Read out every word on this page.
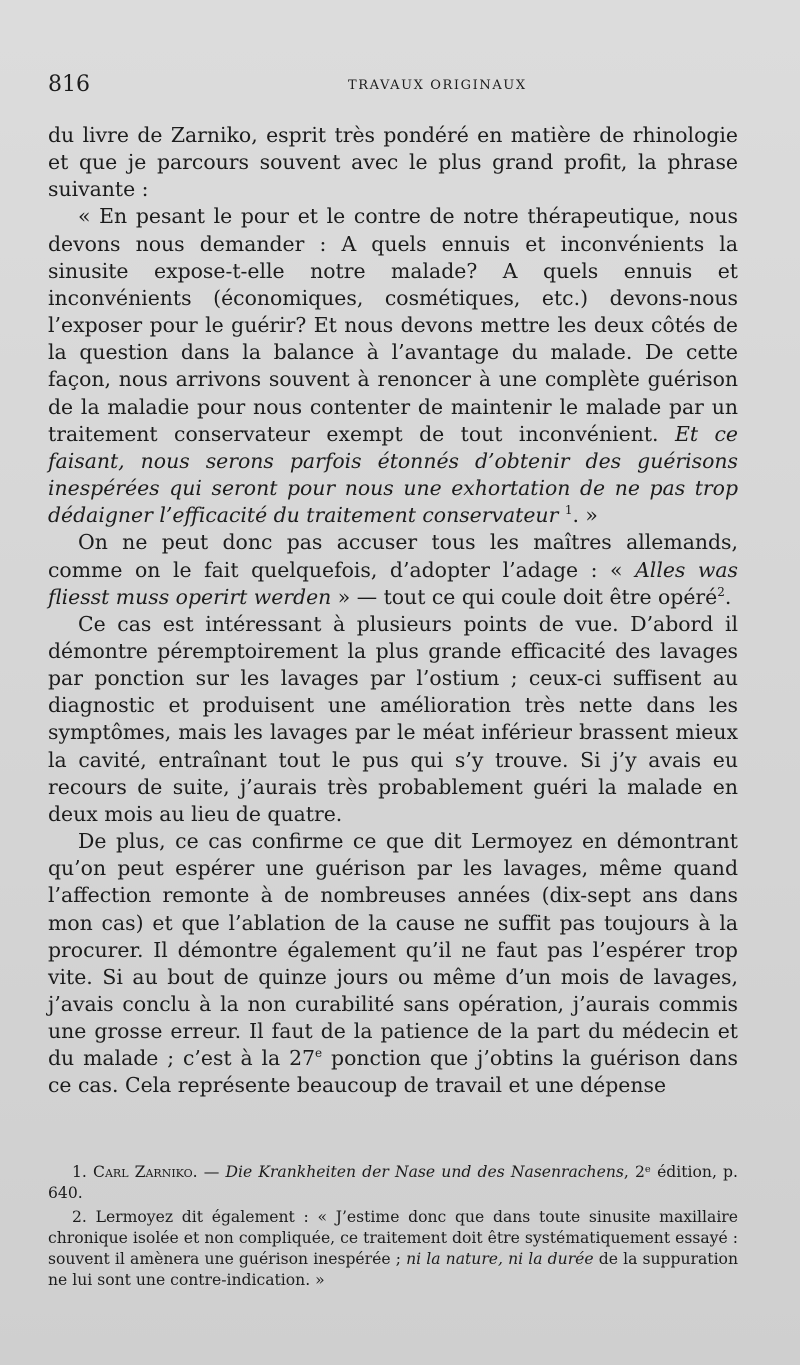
816	TRAVAUX ORIGINAUX

du livre de Zarniko, esprit très pondéré en matière de rhinologie et que je parcours souvent avec le plus grand profit, la phrase suivante :

« En pesant le pour et le contre de notre thérapeutique, nous devons nous demander : A quels ennuis et inconvénients la sinusite expose-t-elle notre malade? A quels ennuis et inconvénients (économiques, cosmétiques, etc.) devons-nous l’exposer pour le guérir? Et nous devons mettre les deux côtés de la question dans la balance à l’avantage du malade. De cette façon, nous arrivons souvent à renoncer à une complète guérison de la maladie pour nous contenter de maintenir le malade par un traitement conservateur exempt de tout inconvénient. Et ce faisant, nous serons parfois étonnés d’obtenir des guérisons inespérées qui seront pour nous une exhortation de ne pas trop dédaigner l’efficacité du traitement conservateur $^1$. »

On ne peut donc pas accuser tous les maîtres allemands, comme on le fait quelquefois, d’adopter l’adage : « Alles was fliesst muss operirt werden » — tout ce qui coule doit être opéré$^2$.

Ce cas est intéressant à plusieurs points de vue. D’abord il démontre péremptoirement la plus grande efficacité des lavages par ponction sur les lavages par l’ostium ; ceux-ci suffisent au diagnostic et produisent une amélioration très nette dans les symptômes, mais les lavages par le méat inférieur brassent mieux la cavité, entraînant tout le pus qui s’y trouve. Si j’y avais eu recours de suite, j’aurais très probablement guéri la malade en deux mois au lieu de quatre.

De plus, ce cas confirme ce que dit Lermoyez en démontrant qu’on peut espérer une guérison par les lavages, même quand l’affection remonte à de nombreuses années (dix-sept ans dans mon cas) et que l’ablation de la cause ne suffit pas toujours à la procurer. Il démontre également qu’il ne faut pas l’espérer trop vite. Si au bout de quinze jours ou même d’un mois de lavages, j’avais conclu à la non curabilité sans opération, j’aurais commis une grosse erreur. Il faut de la patience de la part du médecin et du malade ; c’est à la 27e ponction que j’obtins la guérison dans ce cas. Cela représente beaucoup de travail et une dépense

1. Carl Zarniko. — Die Krankheiten der Nase und des Nasenrachens, 2ᵉ édition, p. 640.

2. Lermoyez dit également : « J’estime donc que dans toute sinusite maxillaire chronique isolée et non compliquée, ce traitement doit être systématiquement essayé : souvent il amènera une guérison inespérée ; ni la nature, ni la durée de la suppuration ne lui sont une contre-indication. »
